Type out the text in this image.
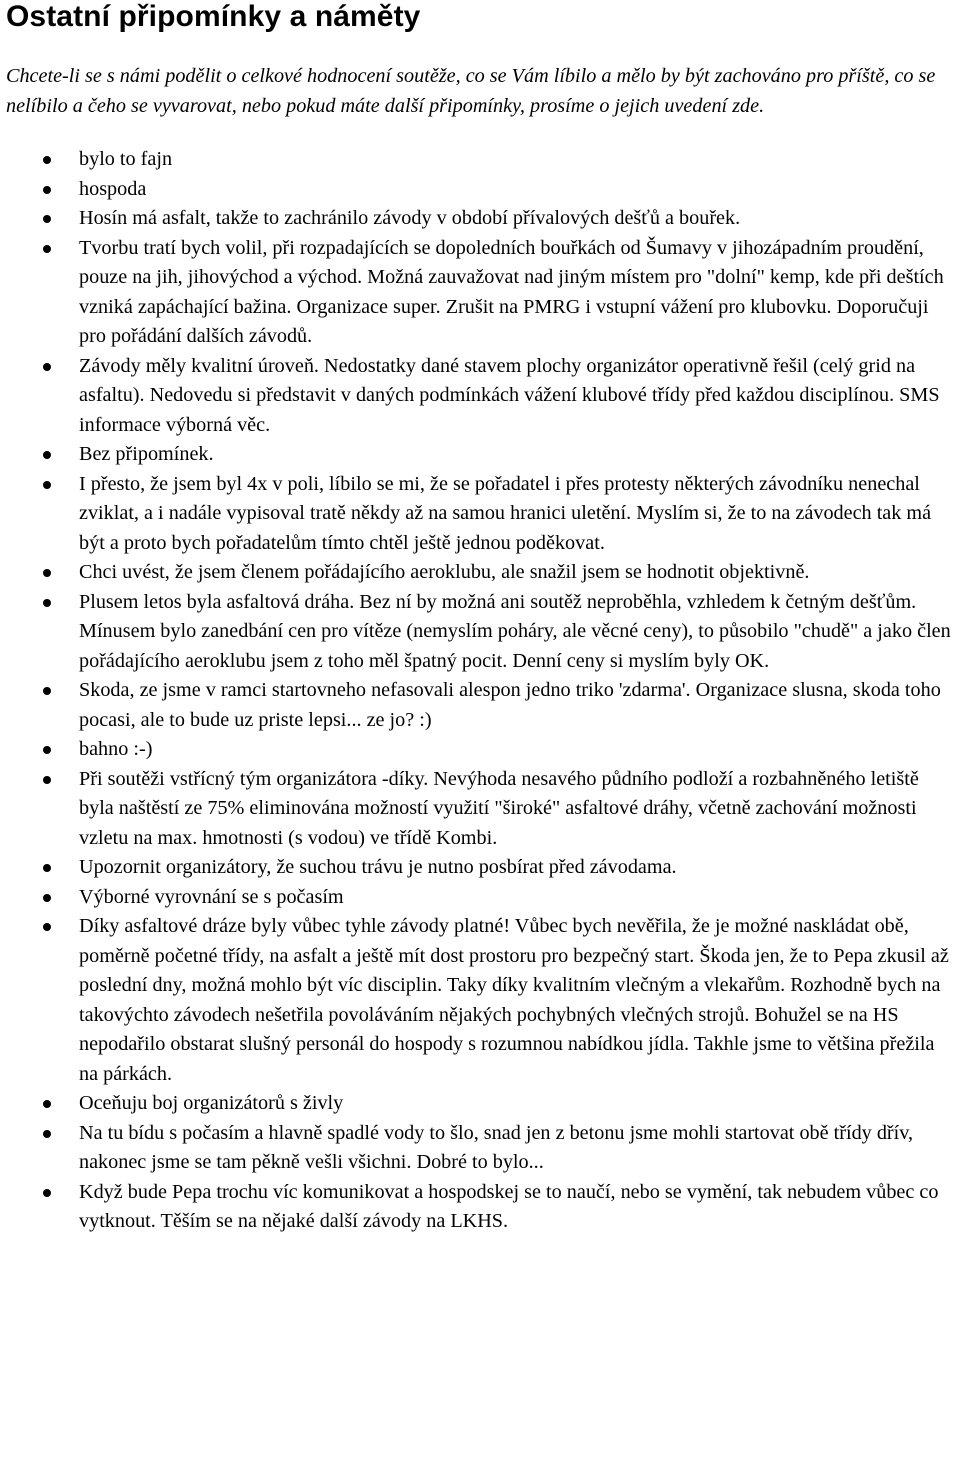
Ostatní připomínky a náměty

Chcete-li se s námi podělit o celkové hodnocení soutěže, co se Vám líbilo a mělo by být zachováno pro příště, co se nelíbilo a čeho se vyvarovat, nebo pokud máte další připomínky, prosíme o jejich uvedení zde.

bylo to fajn
hospoda
Hosín má asfalt, takže to zachránilo závody v období přívalových dešťů a bouřek.
Tvorbu tratí bych volil, při rozpadajících se dopoledních bouřkách od Šumavy v jihozápadním proudění, pouze na jih, jihovýchod a východ. Možná zauvažovat nad jiným místem pro "dolní" kemp, kde při deštích vzniká zapáchající bažina. Organizace super. Zrušit na PMRG i vstupní vážení pro klubovku. Doporučuji pro pořádání dalších závodů.
Závody měly kvalitní úroveň. Nedostatky dané stavem plochy organizátor operativně řešil (celý grid na asfaltu). Nedovedu si představit v daných podmínkách vážení klubové třídy před každou disciplínou. SMS informace výborná věc.
Bez připomínek.
I přesto, že jsem byl 4x v poli, líbilo se mi, že se pořadatel i přes protesty některých závodníku nenechal zviklat, a i nadále vypisoval tratě někdy až na samou hranici uletění. Myslím si, že to na závodech tak má být a proto bych pořadatelům tímto chtěl ještě jednou poděkovat.
Chci uvést, že jsem členem pořádajícího aeroklubu, ale snažil jsem se hodnotit objektivně.
Plusem letos byla asfaltová dráha. Bez ní by možná ani soutěž neproběhla, vzhledem k četným dešťům. Mínusem bylo zanedbání cen pro vítěze (nemyslím poháry, ale věcné ceny), to působilo "chudě" a jako člen pořádajícího aeroklubu jsem z toho měl špatný pocit. Denní ceny si myslím byly OK.
Skoda, ze jsme v ramci startovneho nefasovali alespon jedno triko 'zdarma'. Organizace slusna, skoda toho pocasi, ale to bude uz priste lepsi... ze jo? :)
bahno :-)
Při soutěži vstřícný tým organizátora -díky. Nevýhoda nesavého půdního podloží a rozbahněného letiště byla naštěstí ze 75% eliminována možností využití "široké" asfaltové dráhy, včetně zachování možnosti vzletu na max. hmotnosti (s vodou) ve třídě Kombi.
Upozornit organizátory, že suchou trávu je nutno posbírat před závodama.
Výborné vyrovnání se s počasím
Díky asfaltové dráze byly vůbec tyhle závody platné! Vůbec bych nevěřila, že je možné naskládat obě, poměrně početné třídy, na asfalt a ještě mít dost prostoru pro bezpečný start. Škoda jen, že to Pepa zkusil až poslední dny, možná mohlo být víc disciplin. Taky díky kvalitním vlečným a vlekařům. Rozhodně bych na takovýchto závodech nešetřila povoláváním nějakých pochybných vlečných strojů. Bohužel se na HS nepodařilo obstarat slušný personál do hospody s rozumnou nabídkou jídla. Takhle jsme to většina přežila na párkách.
Oceňuju boj organizátorů s živly
Na tu bídu s počasím a hlavně spadlé vody to šlo, snad jen z betonu jsme mohli startovat obě třídy dřív, nakonec jsme se tam pěkně vešli všichni. Dobré to bylo...
Když bude Pepa trochu víc komunikovat a hospodskej se to naučí, nebo se vymění, tak nebudem vůbec co vytknout. Těším se na nějaké další závody na LKHS.
